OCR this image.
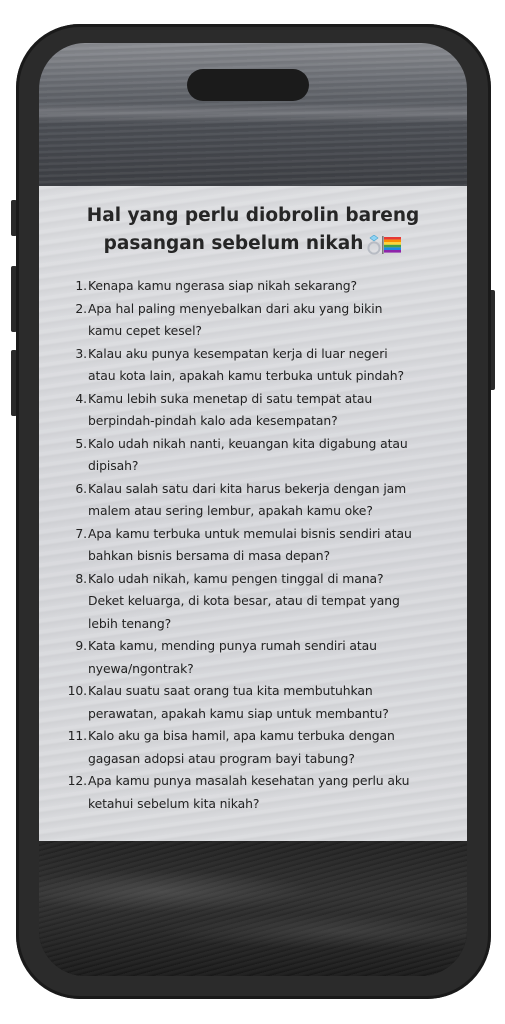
Hal yang perlu diobrolin bareng
pasangan sebelum nikah
1. Kenapa kamu ngerasa siap nikah sekarang?
2. Apa hal paling menyebalkan dari aku yang bikin
kamu cepet kesel?
3. Kalau aku punya kesempatan kerja di luar negeri
atau kota lain, apakah kamu terbuka untuk pindah?
4. Kamu lebih suka menetap di satu tempat atau
berpindah-pindah kalo ada kesempatan?
5. Kalo udah nikah nanti, keuangan kita digabung atau
dipisah?
6. Kalau salah satu dari kita harus bekerja dengan jam
malem atau sering lembur, apakah kamu oke?
7. Apa kamu terbuka untuk memulai bisnis sendiri atau
bahkan bisnis bersama di masa depan?
8. Kalo udah nikah, kamu pengen tinggal di mana?
Deket keluarga, di kota besar, atau di tempat yang
lebih tenang?
9. Kata kamu, mending punya rumah sendiri atau
nyewa/ngontrak?
10. Kalau suatu saat orang tua kita membutuhkan
perawatan, apakah kamu siap untuk membantu?
11. Kalo aku ga bisa hamil, apa kamu terbuka dengan
gagasan adopsi atau program bayi tabung?
12. Apa kamu punya masalah kesehatan yang perlu aku
ketahui sebelum kita nikah?
